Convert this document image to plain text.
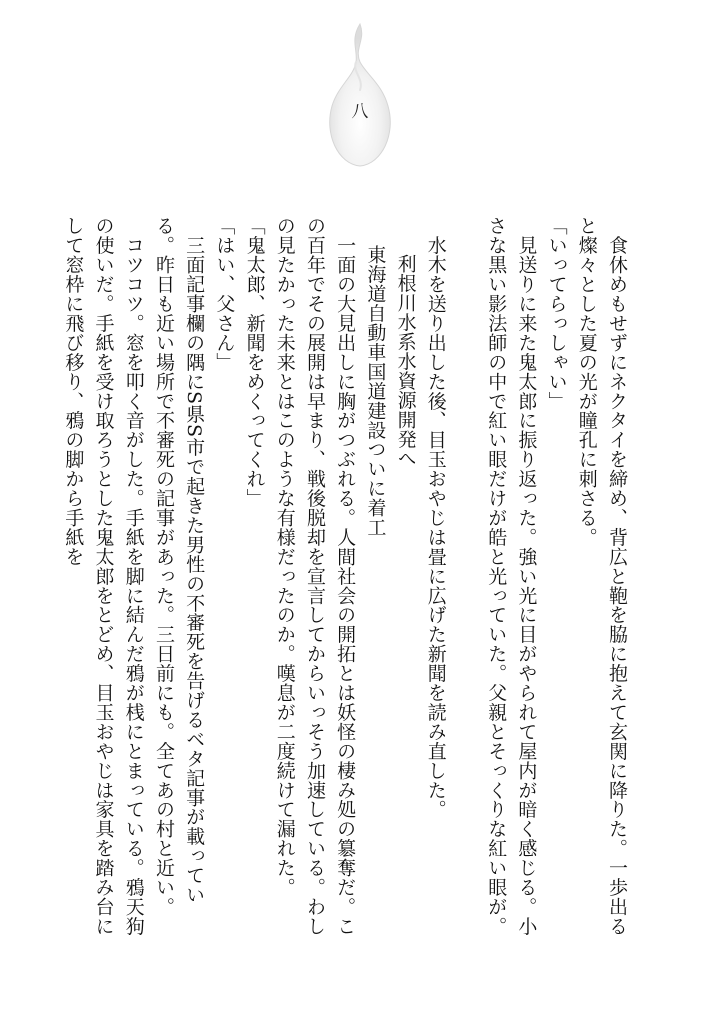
八

　食休めもせずにネクタイを締め、背広と鞄を脇に抱えて玄関に降りた。一歩出ると燦々とした夏の光が瞳孔に刺さる。

「いってらっしゃい」

　見送りに来た鬼太郎に振り返った。強い光に目がやられて屋内が暗く感じる。小さな黒い影法師の中で紅い眼だけが皓と光っていた。父親とそっくりな紅い眼が。

　水木を送り出した後、目玉おやじは畳に広げた新聞を読み直した。

利根川水系水資源開発へ

東海道自動車国道建設ついに着工

　一面の大見出しに胸がつぶれる。人間社会の開拓とは妖怪の棲み処の簒奪だ。この百年でその展開は早まり、戦後脱却を宣言してからいっそう加速している。わしの見たかった未来とはこのような有様だったのか。嘆息が二度続けて漏れた。

「鬼太郎、新聞をめくってくれ」

「はい、父さん」

　三面記事欄の隅にS県S市で起きた男性の不審死を告げるベタ記事が載っている。昨日も近い場所で不審死の記事があった。三日前にも。全てあの村と近い。

　コツコツ。窓を叩く音がした。手紙を脚に結んだ鴉が桟にとまっている。鴉天狗の使いだ。手紙を受け取ろうとした鬼太郎をとどめ、目玉おやじは家具を踏み台にして窓枠に飛び移り、鴉の脚から手紙を
